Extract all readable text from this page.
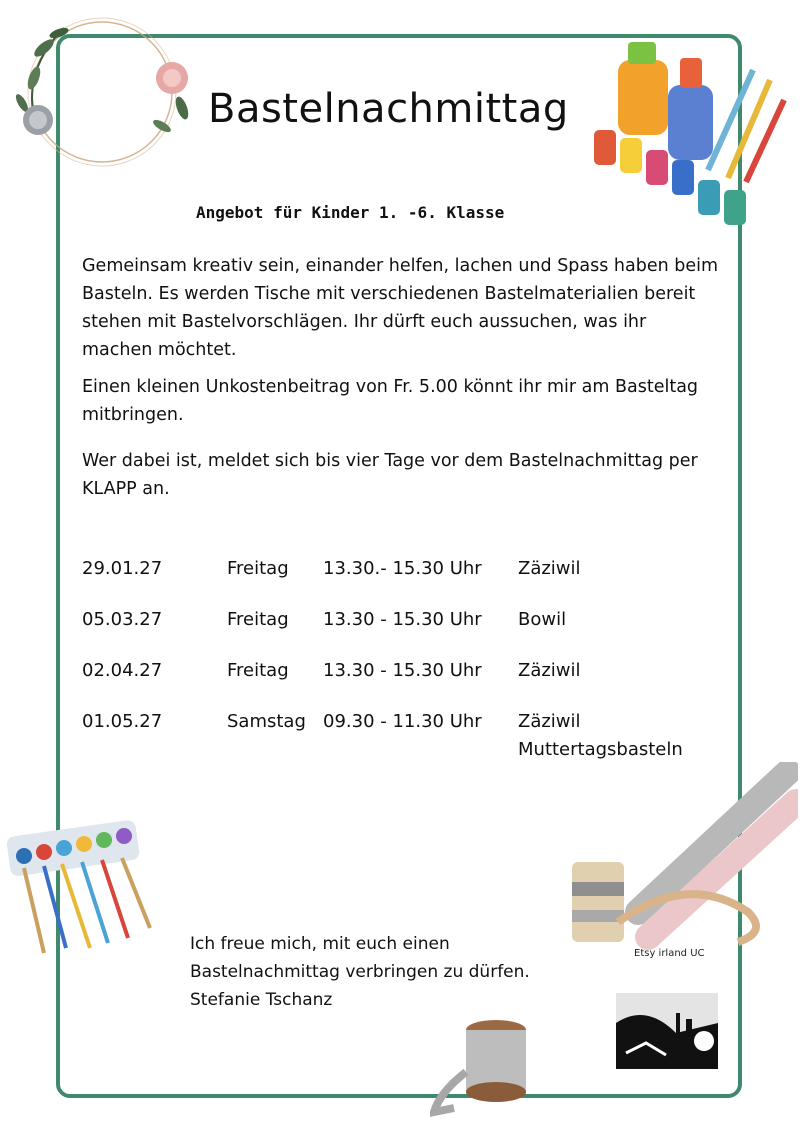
Bastelnachmittag
Angebot für Kinder 1. -6. Klasse
Gemeinsam kreativ sein, einander helfen, lachen und Spass haben beim Basteln. Es werden Tische mit verschiedenen Bastelmaterialien bereit stehen mit Bastelvorschlägen. Ihr dürft euch aussuchen, was ihr machen möchtet.
Einen kleinen Unkostenbeitrag von Fr. 5.00 könnt ihr mir am Basteltag mitbringen.
Wer dabei ist, meldet sich bis vier Tage vor dem Bastelnachmittag per KLAPP an.
29.01.27	Freitag 13.30.- 15.30 Uhr Zäziwil
05.03.27	Freitag 13.30 - 15.30 Uhr Bowil
02.04.27	Freitag 13.30 - 15.30 Uhr Zäziwil
01.05.27	Samstag 09.30 - 11.30 Uhr Zäziwil
Muttertagsbasteln
Etsy irland UC
Ich freue mich, mit euch einen
Bastelnachmittag verbringen zu dürfen.
Stefanie Tschanz
